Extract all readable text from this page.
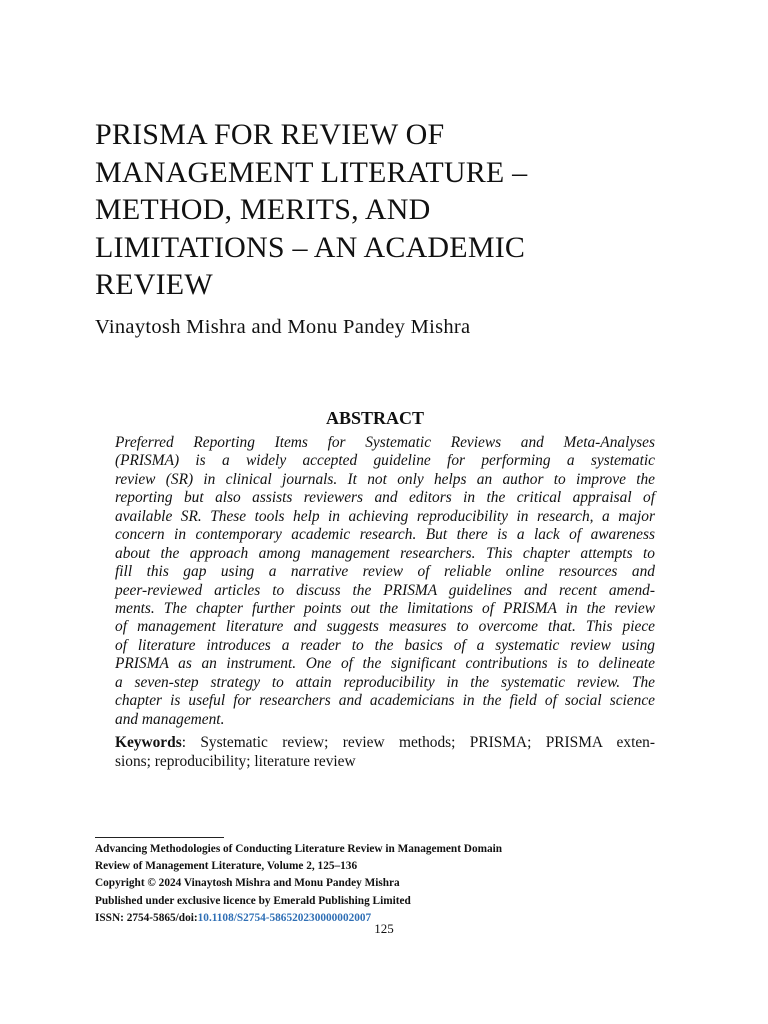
PRISMA FOR REVIEW OF
MANAGEMENT LITERATURE –
METHOD, MERITS, AND
LIMITATIONS – AN ACADEMIC
REVIEW

Vinaytosh Mishra and Monu Pandey Mishra

ABSTRACT
Preferred Reporting Items for Systematic Reviews and Meta-Analyses
(PRISMA) is a widely accepted guideline for performing a systematic
review (SR) in clinical journals. It not only helps an author to improve the
reporting but also assists reviewers and editors in the critical appraisal of
available SR. These tools help in achieving reproducibility in research, a major
concern in contemporary academic research. But there is a lack of awareness
about the approach among management researchers. This chapter attempts to
fill this gap using a narrative review of reliable online resources and
peer-reviewed articles to discuss the PRISMA guidelines and recent amend-
ments. The chapter further points out the limitations of PRISMA in the review
of management literature and suggests measures to overcome that. This piece
of literature introduces a reader to the basics of a systematic review using
PRISMA as an instrument. One of the significant contributions is to delineate
a seven-step strategy to attain reproducibility in the systematic review. The
chapter is useful for researchers and academicians in the field of social science
and management.
Keywords: Systematic review; review methods; PRISMA; PRISMA exten-
sions; reproducibility; literature review
Advancing Methodologies of Conducting Literature Review in Management Domain
Review of Management Literature, Volume 2, 125–136
Copyright © 2024 Vinaytosh Mishra and Monu Pandey Mishra
Published under exclusive licence by Emerald Publishing Limited
ISSN: 2754-5865/doi:10.1108/S2754-586520230000002007
125
